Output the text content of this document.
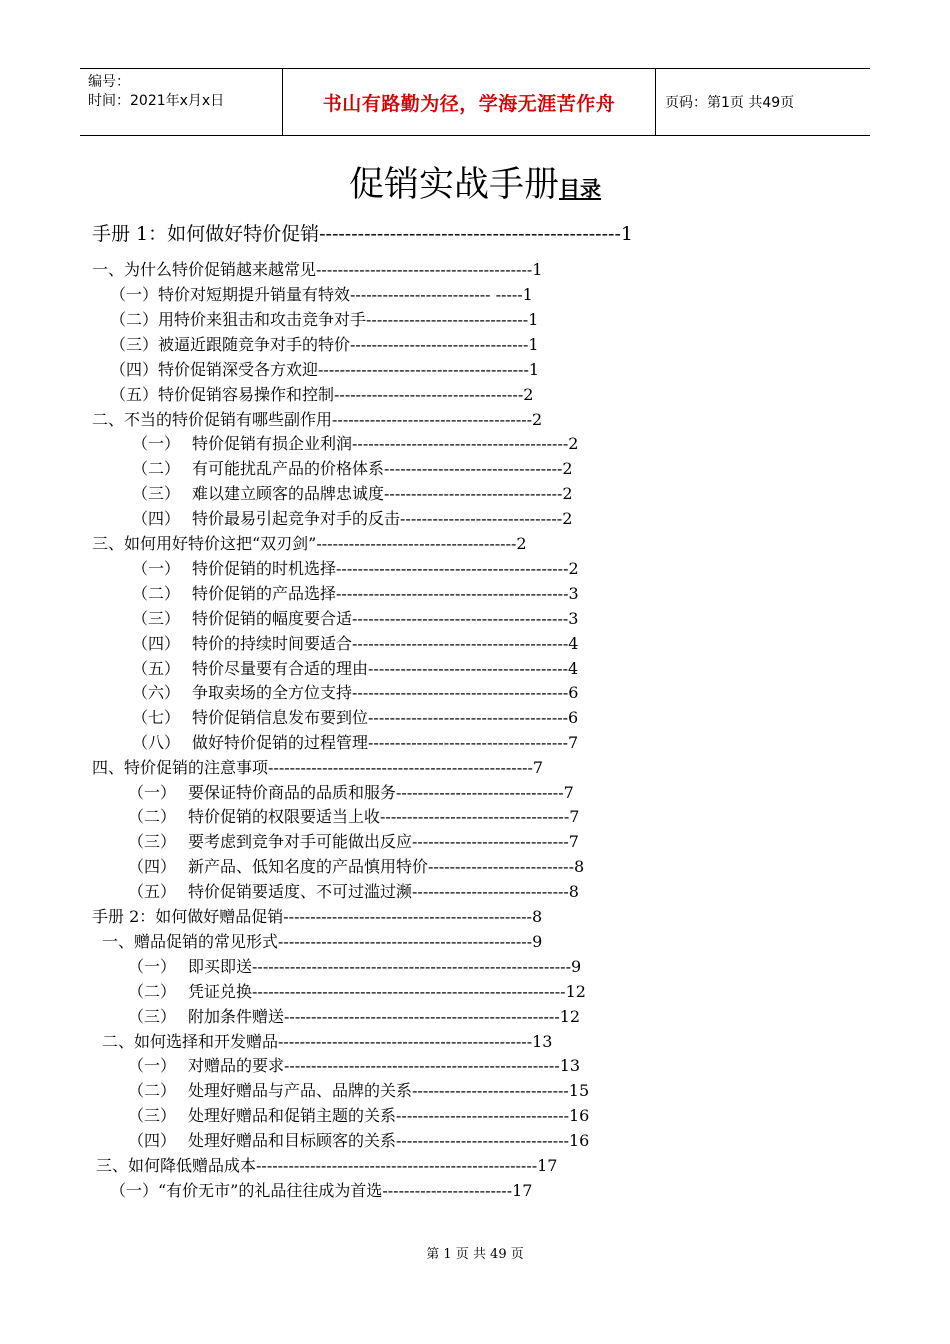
编号：
时间：2021年x月x日	书山有路勤为径，学海无涯苦作舟	页码：第1页 共49页
促销实战手册目录
手册 1：如何做好特价促销-----------------------------------------------1
一、为什么特价促销越来越常见----------------------------------------1
（一）特价对短期提升销量有特效-------------------------- -----1
（二）用特价来狙击和攻击竞争对手------------------------------1
（三）被逼近跟随竞争对手的特价---------------------------------1
（四）特价促销深受各方欢迎---------------------------------------1
（五）特价促销容易操作和控制-----------------------------------2
二、不当的特价促销有哪些副作用-------------------------------------2
（一） 特价促销有损企业利润----------------------------------------2
（二） 有可能扰乱产品的价格体系---------------------------------2
（三） 难以建立顾客的品牌忠诚度---------------------------------2
（四） 特价最易引起竞争对手的反击------------------------------2
三、如何用好特价这把“双刃剑”-------------------------------------2
（一） 特价促销的时机选择-------------------------------------------2
（二） 特价促销的产品选择-------------------------------------------3
（三） 特价促销的幅度要合适----------------------------------------3
（四） 特价的持续时间要适合----------------------------------------4
（五） 特价尽量要有合适的理由-------------------------------------4
（六） 争取卖场的全方位支持----------------------------------------6
（七） 特价促销信息发布要到位-------------------------------------6
（八） 做好特价促销的过程管理-------------------------------------7
四、特价促销的注意事项-------------------------------------------------7
（一） 要保证特价商品的品质和服务-------------------------------7
（二） 特价促销的权限要适当上收-----------------------------------7
（三） 要考虑到竞争对手可能做出反应-----------------------------7
（四） 新产品、低知名度的产品慎用特价---------------------------8
（五） 特价促销要适度、不可过滥过濒-----------------------------8
手册 2：如何做好赠品促销----------------------------------------------8
一、赠品促销的常见形式-----------------------------------------------9
（一） 即买即送-----------------------------------------------------------9
（二） 凭证兑换----------------------------------------------------------12
（三） 附加条件赠送---------------------------------------------------12
二、如何选择和开发赠品-----------------------------------------------13
（一） 对赠品的要求---------------------------------------------------13
（二） 处理好赠品与产品、品牌的关系-----------------------------15
（三） 处理好赠品和促销主题的关系--------------------------------16
（四） 处理好赠品和目标顾客的关系--------------------------------16
三、如何降低赠品成本----------------------------------------------------17
（一）“有价无市”的礼品往往成为首选------------------------17
第 1 页 共 49 页
